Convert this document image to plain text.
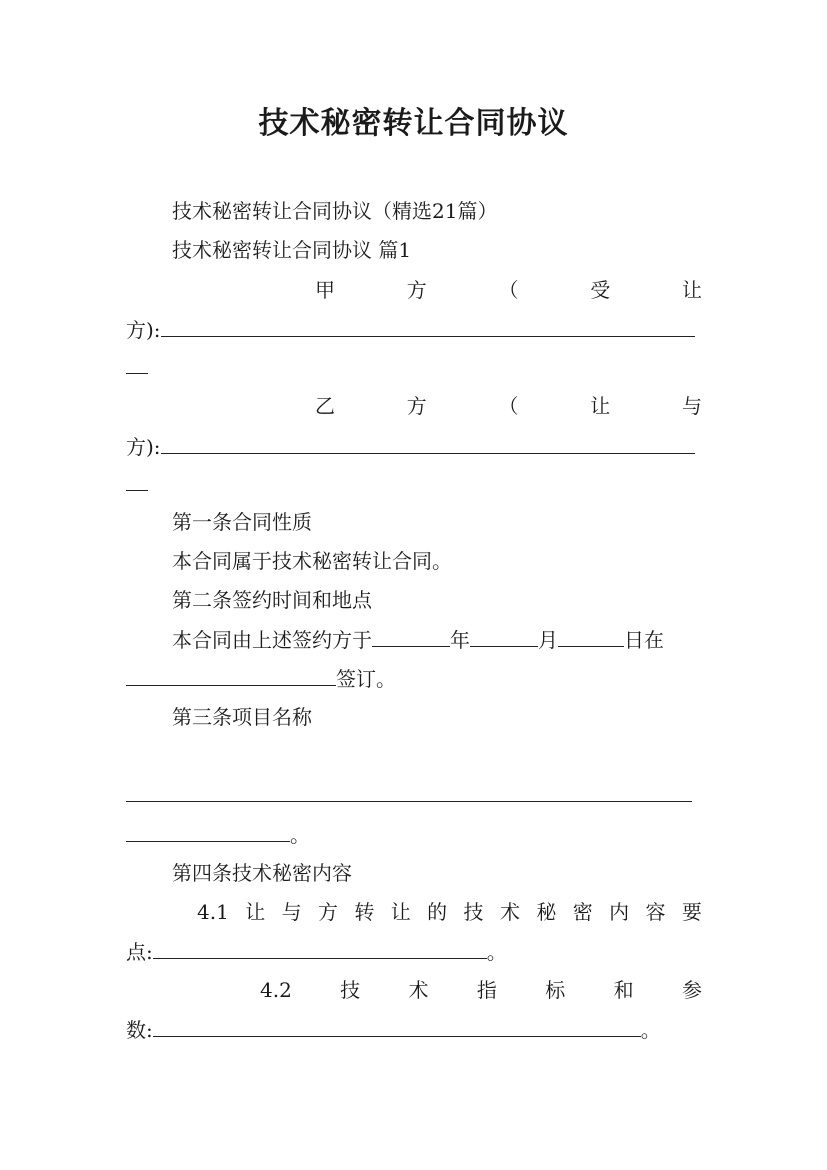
技术秘密转让合同协议
技术秘密转让合同协议（精选21篇）
技术秘密转让合同协议 篇1
甲	方	（	受	让
方):
乙	方	（	让	与
方):
第一条合同性质
本合同属于技术秘密转让合同。
第二条签约时间和地点
本合同由上述签约方于	年	月	日在
签订。
第三条项目名称
。
第四条技术秘密内容
4.1 让 与 方 转 让 的 技 术 秘 密 内 容 要
点:	。
4.2 技 术 指 标 和 参
数:	。
